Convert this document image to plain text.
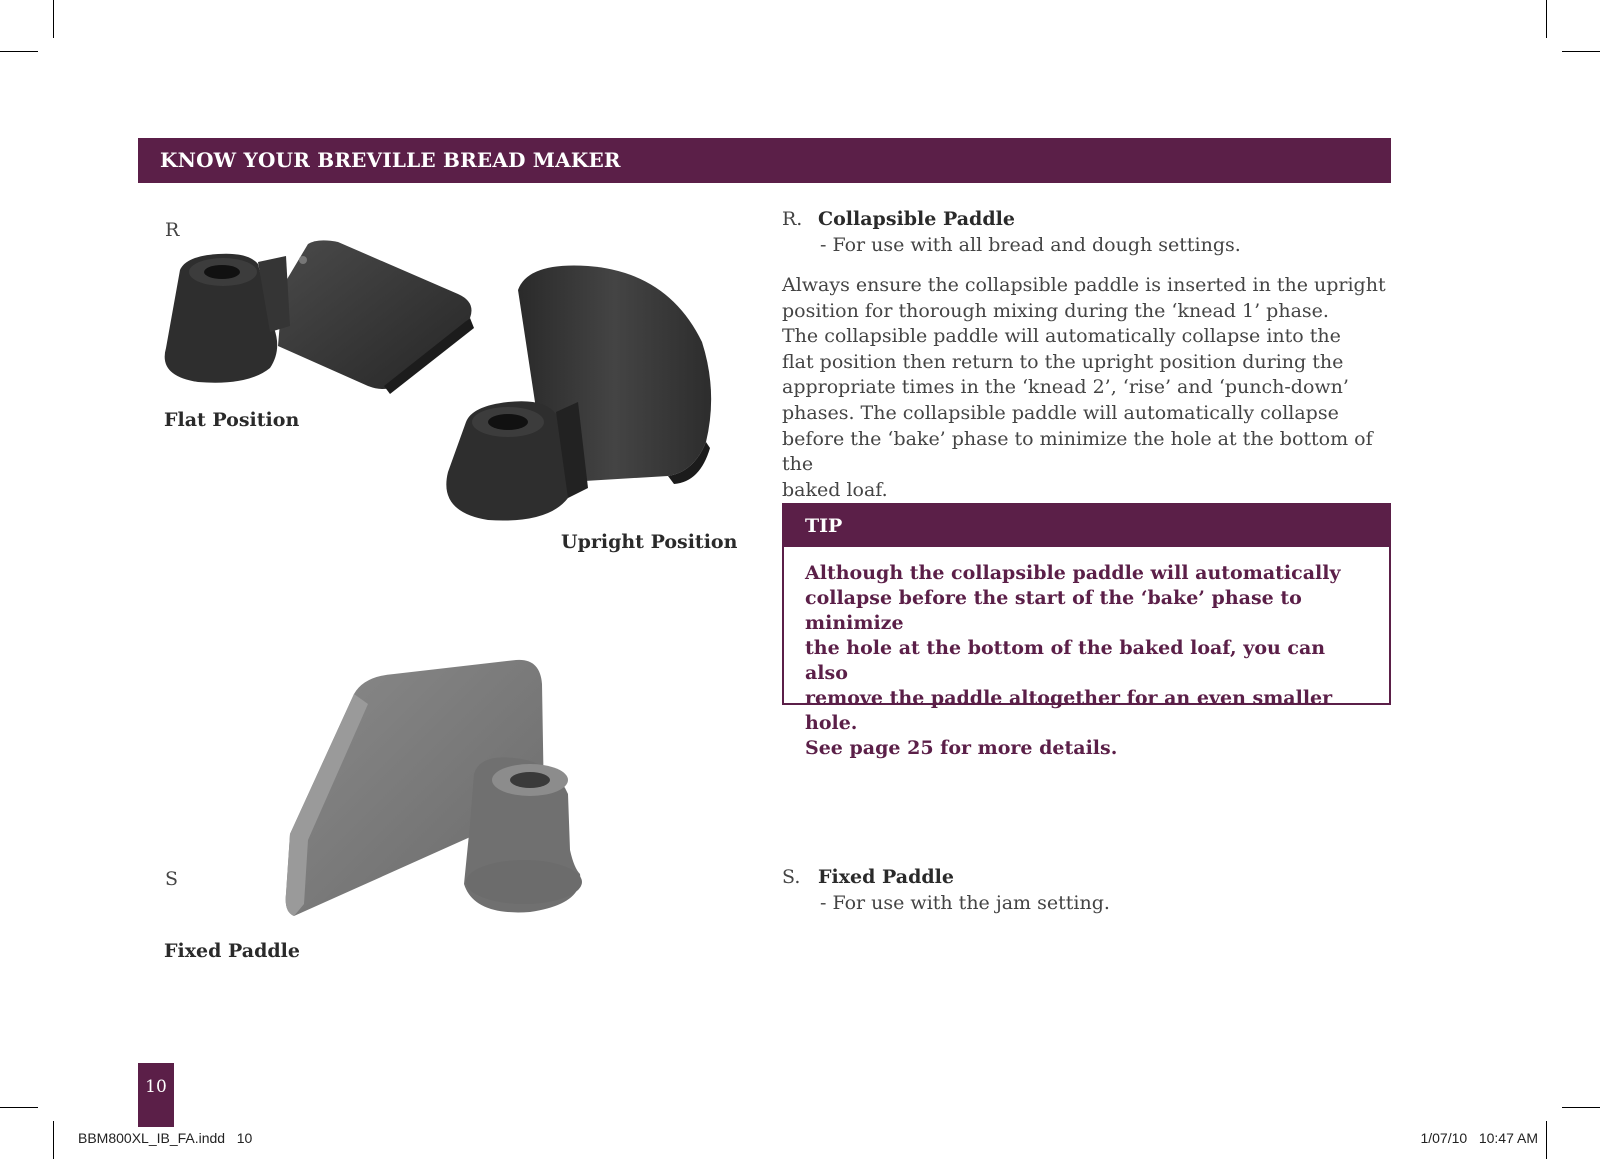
KNOW YOUR BREVILLE BREAD MAKER
R
Flat Position
Upright Position
S
Fixed Paddle
R. Collapsible Paddle
- For use with all bread and dough settings.
Always ensure the collapsible paddle is inserted in the upright
position for thorough mixing during the ‘knead 1’ phase.
The collapsible paddle will automatically collapse into the
flat position then return to the upright position during the
appropriate times in the ‘knead 2’, ‘rise’ and ‘punch-down’
phases. The collapsible paddle will automatically collapse
before the ‘bake’ phase to minimize the hole at the bottom of the
baked loaf.
TIP
Although the collapsible paddle will automatically
collapse before the start of the ‘bake’ phase to minimize
the hole at the bottom of the baked loaf, you can also
remove the paddle altogether for an even smaller hole.
See page 25 for more details.
S. Fixed Paddle
- For use with the jam setting.
10
BBM800XL_IB_FA.indd   10	1/07/10   10:47 AM
